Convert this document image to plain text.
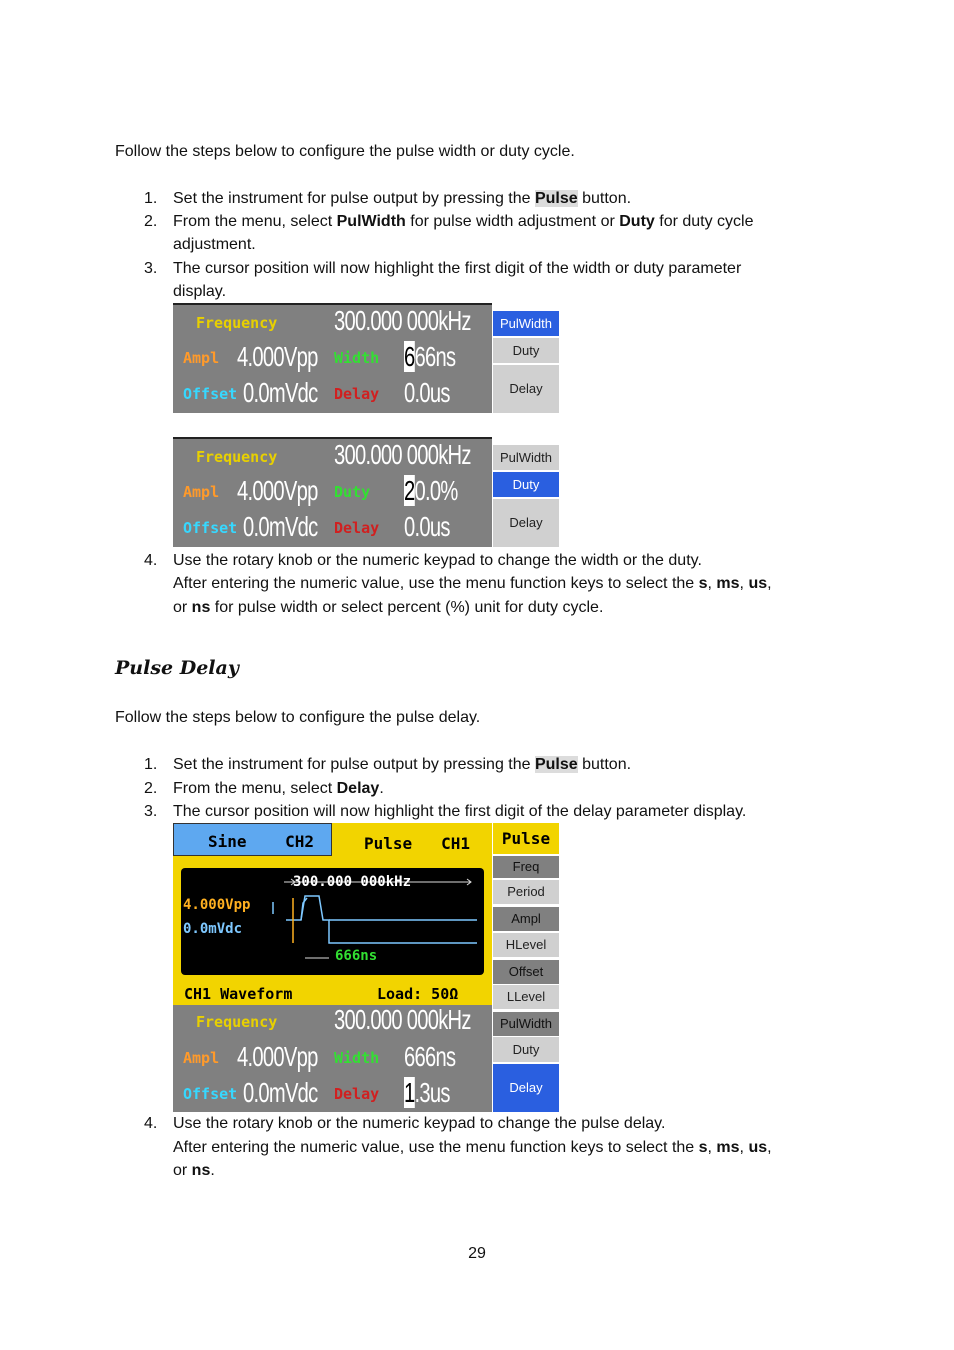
Follow the steps below to configure the pulse width or duty cycle.
1. Set the instrument for pulse output by pressing the Pulse button.
2. From the menu, select PulWidth for pulse width adjustment or Duty for duty cycle
adjustment.
3. The cursor position will now highlight the first digit of the width or duty parameter
display.
Frequency 300.000 000kHz
Ampl 4.000Vpp Width 666ns
Offset 0.0mVdc Delay 0.0us
PulWidth
Duty
Delay
Frequency 300.000 000kHz
Ampl 4.000Vpp Duty 20.0%
Offset 0.0mVdc Delay 0.0us
PulWidth
Duty
Delay
4. Use the rotary knob or the numeric keypad to change the width or the duty.
After entering the numeric value, use the menu function keys to select the s, ms, us,
or ns for pulse width or select percent (%) unit for duty cycle.
Pulse Delay
Follow the steps below to configure the pulse delay.
1. Set the instrument for pulse output by pressing the Pulse button.
2. From the menu, select Delay.
3. The cursor position will now highlight the first digit of the delay parameter display.
Sine    CH2	Pulse   CH1
300.000 000kHz
4.000Vpp
0.0mVdc
666ns
CH1 Waveform	Load: 50Ω
Frequency 300.000 000kHz
Ampl 4.000Vpp Width 666ns
Offset 0.0mVdc Delay 1.3us
Pulse
Freq
Period
Ampl
HLevel
Offset
LLevel
PulWidth
Duty
Delay
4. Use the rotary knob or the numeric keypad to change the pulse delay.
After entering the numeric value, use the menu function keys to select the s, ms, us,
or ns.
29
